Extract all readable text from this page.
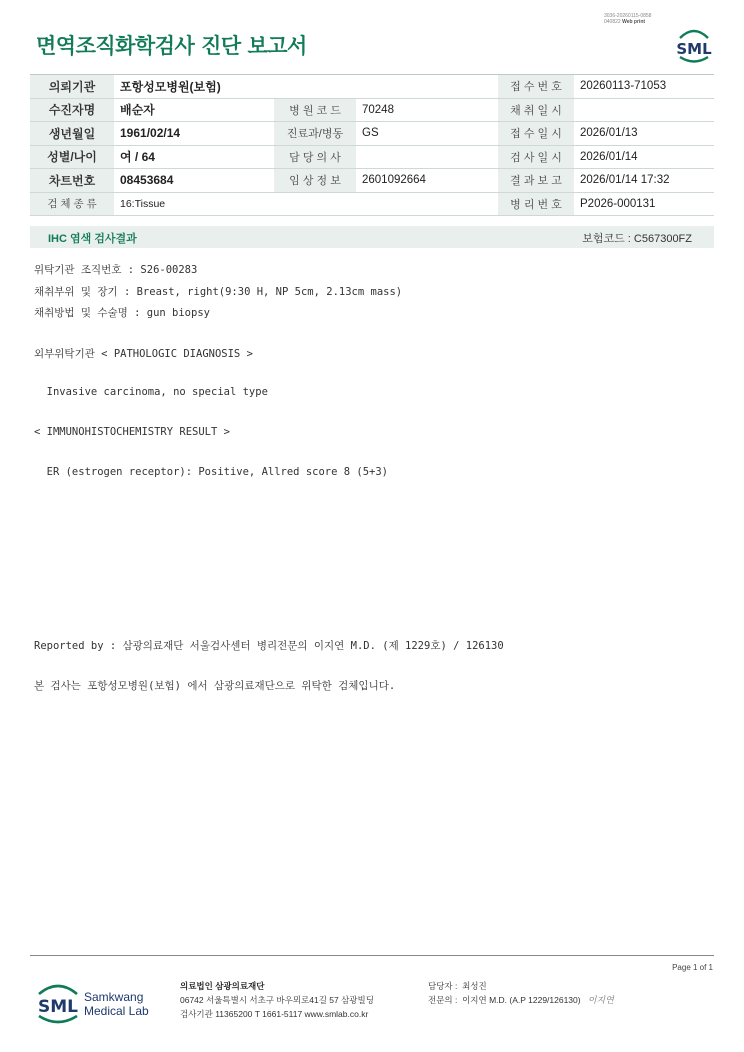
3036-20260115-0858
040822 Web print
면역조직화학검사 진단 보고서	SML
의뢰기관	포항성모병원(보험)			접 수 번 호	20260113-71053
수진자명	배순자	병 원 코 드	70248	채 취 일 시	
생년월일	1961/02/14	진료과/병동	GS	접 수 일 시	2026/01/13
성별/나이	여 / 64	담 당 의 사		검 사 일 시	2026/01/14
차트번호	08453684	임 상 정 보	2601092664	결 과 보 고	2026/01/14 17:32
검 체 종 류	16:Tissue			병 리 번 호	P2026-000131
IHC 염색 검사결과	보험코드 : C567300FZ
위탁기관 조직번호 : S26-00283
채취부위 및 장기 : Breast, right(9:30 H, NP 5cm, 2.13cm mass)
채취방법 및 수술명 : gun biopsy
외부위탁기관 < PATHOLOGIC DIAGNOSIS >
Invasive carcinoma, no special type
< IMMUNOHISTOCHEMISTRY RESULT >
ER (estrogen receptor): Positive, Allred score 8 (5+3)
Reported by : 삼광의료재단 서울검사센터 병리전문의 이지연 M.D. (제 1229호) / 126130
본 검사는 포항성모병원(보험) 에서 삼광의료재단으로 위탁한 검체입니다.
Page 1 of 1
SML Samkwang
Medical Lab
의료법인 삼광의료재단
06742 서울특별시 서초구 바우뫼로41길 57 삼광빌딩
검사기관 11365200 T 1661-5117 www.smlab.co.kr
담당자 : 최성진
전문의 : 이지연 M.D. (A.P 1229/126130) 이지연
